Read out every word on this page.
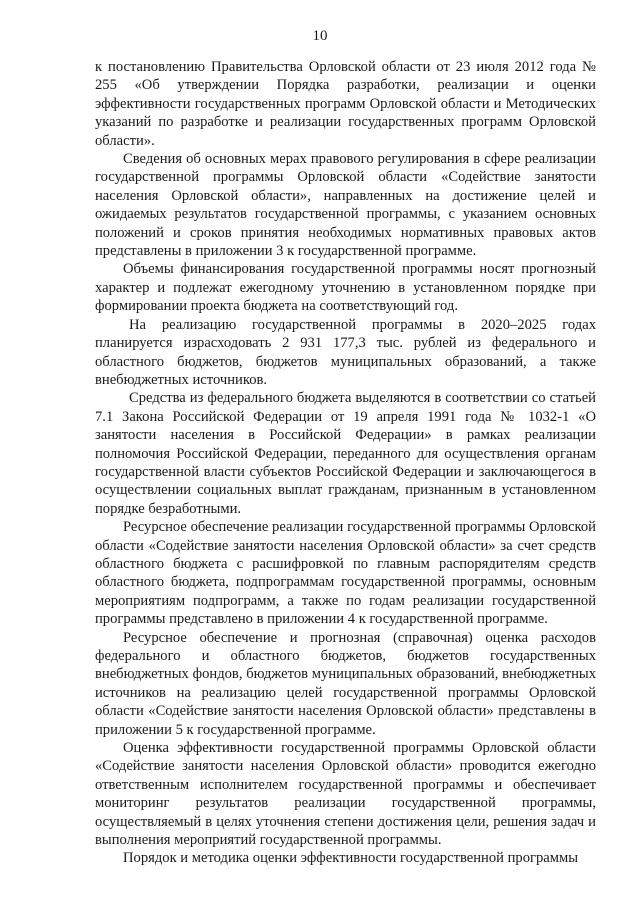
10

к постановлению Правительства Орловской области от 23 июля 2012 года № 255 «Об утверждении Порядка разработки, реализации и оценки эффективности государственных программ Орловской области и Методических указаний по разработке и реализации государственных программ Орловской области».

Сведения об основных мерах правового регулирования в сфере реализации государственной программы Орловской области «Содействие занятости населения Орловской области», направленных на достижение целей и ожидаемых результатов государственной программы, с указанием основных положений и сроков принятия необходимых нормативных правовых актов представлены в приложении 3 к государственной программе.

Объемы финансирования государственной программы носят прогнозный характер и подлежат ежегодному уточнению в установленном порядке при формировании проекта бюджета на соответствующий год.

На реализацию государственной программы в 2020–2025 годах планируется израсходовать 2 931 177,3 тыс. рублей из федерального и областного бюджетов, бюджетов муниципальных образований, а также внебюджетных источников.

Средства из федерального бюджета выделяются в соответствии со статьей 7.1 Закона Российской Федерации от 19 апреля 1991 года № 1032-1 «О занятости населения в Российской Федерации» в рамках реализации полномочия Российской Федерации, переданного для осуществления органам государственной власти субъектов Российской Федерации и заключающегося в осуществлении социальных выплат гражданам, признанным в установленном порядке безработными.

Ресурсное обеспечение реализации государственной программы Орловской области «Содействие занятости населения Орловской области» за счет средств областного бюджета с расшифровкой по главным распорядителям средств областного бюджета, подпрограммам государственной программы, основным мероприятиям подпрограмм, а также по годам реализации государственной программы представлено в приложении 4 к государственной программе.

Ресурсное обеспечение и прогнозная (справочная) оценка расходов федерального и областного бюджетов, бюджетов государственных внебюджетных фондов, бюджетов муниципальных образований, внебюджетных источников на реализацию целей государственной программы Орловской области «Содействие занятости населения Орловской области» представлены в приложении 5 к государственной программе.

Оценка эффективности государственной программы Орловской области «Содействие занятости населения Орловской области» проводится ежегодно ответственным исполнителем государственной программы и обеспечивает мониторинг результатов реализации государственной программы, осуществляемый в целях уточнения степени достижения цели, решения задач и выполнения мероприятий государственной программы.

Порядок и методика оценки эффективности государственной программы
